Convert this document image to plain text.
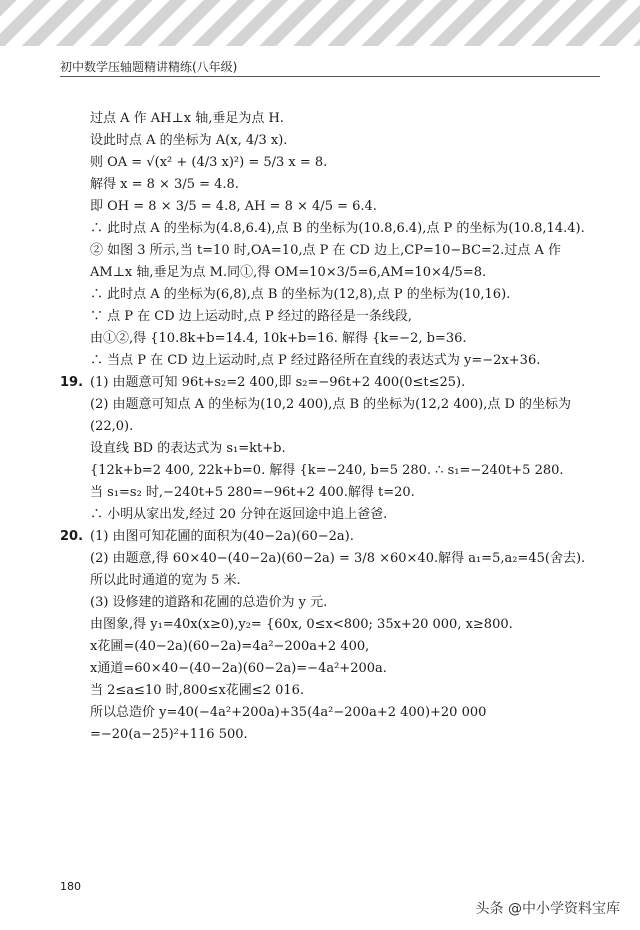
初中数学压轴题精讲精练(八年级)
过点 A 作 AH⊥x 轴,垂足为点 H.
设此时点 A 的坐标为 A(x, 4/3 x).
则 OA = √(x² + (4/3 x)²) = 5/3 x = 8.
解得 x = 8 × 3/5 = 4.8.
即 OH = 8 × 3/5 = 4.8, AH = 8 × 4/5 = 6.4.
∴ 此时点 A 的坐标为(4.8,6.4),点 B 的坐标为(10.8,6.4),点 P 的坐标为(10.8,14.4).
② 如图 3 所示,当 t=10 时,OA=10,点 P 在 CD 边上,CP=10−BC=2.过点 A 作
AM⊥x 轴,垂足为点 M.同①,得 OM=10×3/5=6,AM=10×4/5=8.
∴ 此时点 A 的坐标为(6,8),点 B 的坐标为(12,8),点 P 的坐标为(10,16).
∵ 点 P 在 CD 边上运动时,点 P 经过的路径是一条线段,
由①②,得 {10.8k+b=14.4, 10k+b=16. 解得 {k=−2, b=36.
∴ 当点 P 在 CD 边上运动时,点 P 经过路径所在直线的表达式为 y=−2x+36.
19. (1) 由题意可知 96t+s₂=2 400,即 s₂=−96t+2 400(0≤t≤25).
(2) 由题意可知点 A 的坐标为(10,2 400),点 B 的坐标为(12,2 400),点 D 的坐标为
(22,0).
设直线 BD 的表达式为 s₁=kt+b.
{12k+b=2 400, 22k+b=0. 解得 {k=−240, b=5 280. ∴ s₁=−240t+5 280.
当 s₁=s₂ 时,−240t+5 280=−96t+2 400.解得 t=20.
∴ 小明从家出发,经过 20 分钟在返回途中追上爸爸.
20. (1) 由图可知花圃的面积为(40−2a)(60−2a).
(2) 由题意,得 60×40−(40−2a)(60−2a) = 3/8 ×60×40.解得 a₁=5,a₂=45(舍去).
所以此时通道的宽为 5 米.
(3) 设修建的道路和花圃的总造价为 y 元.
由图象,得 y₁=40x(x≥0),y₂= {60x, 0≤x<800; 35x+20 000, x≥800.
x花圃=(40−2a)(60−2a)=4a²−200a+2 400,
x通道=60×40−(40−2a)(60−2a)=−4a²+200a.
当 2≤a≤10 时,800≤x花圃≤2 016.
所以总造价 y=40(−4a²+200a)+35(4a²−200a+2 400)+20 000
=−20(a−25)²+116 500.
180
头条 @中小学资料宝库
